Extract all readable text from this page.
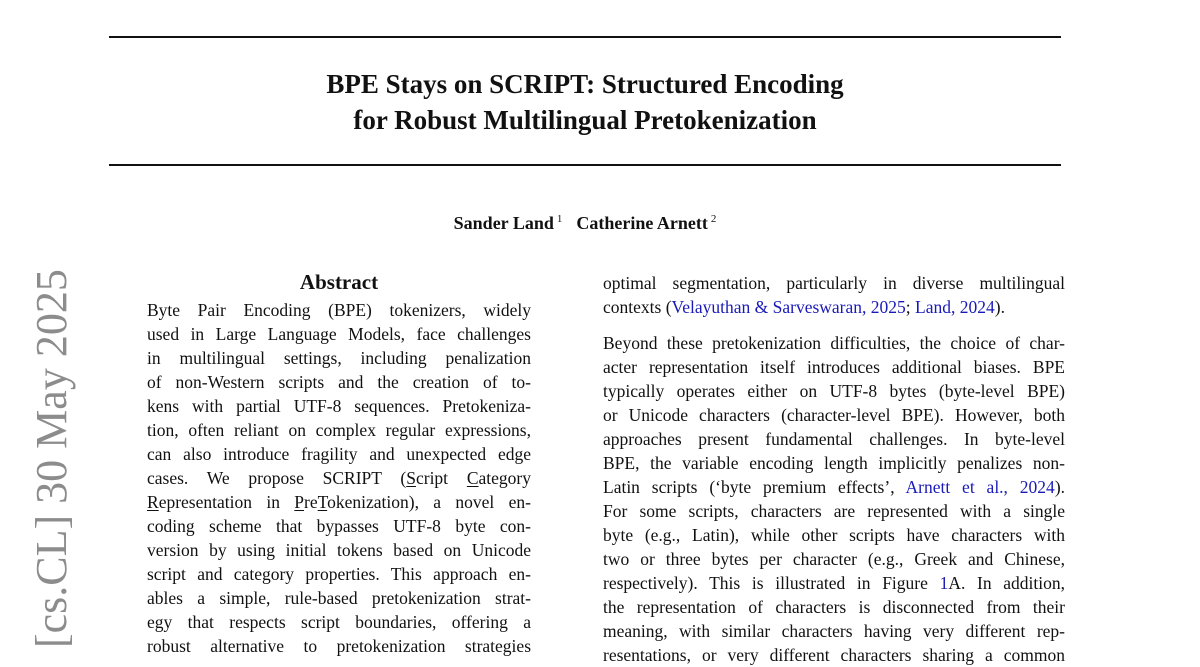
BPE Stays on SCRIPT: Structured Encoding
for Robust Multilingual Pretokenization
Sander Land $^1$ Catherine Arnett $^2$
[cs.CL] 30 May 2025	Abstract
Byte Pair Encoding (BPE) tokenizers, widely
used in Large Language Models, face challenges
in multilingual settings, including penalization
of non-Western scripts and the creation of to-
kens with partial UTF-8 sequences. Pretokeniza-
tion, often reliant on complex regular expressions,
can also introduce fragility and unexpected edge
cases. We propose SCRIPT (Script Category
Representation in PreTokenization), a novel en-
coding scheme that bypasses UTF-8 byte con-
version by using initial tokens based on Unicode
script and category properties. This approach en-
ables a simple, rule-based pretokenization strat-
egy that respects script boundaries, offering a
robust alternative to pretokenization strategies
optimal segmentation, particularly in diverse multilingual
contexts (Velayuthan & Sarveswaran, 2025; Land, 2024).
Beyond these pretokenization difficulties, the choice of char-
acter representation itself introduces additional biases. BPE
typically operates either on UTF-8 bytes (byte-level BPE)
or Unicode characters (character-level BPE). However, both
approaches present fundamental challenges. In byte-level
BPE, the variable encoding length implicitly penalizes non-
Latin scripts (‘byte premium effects’, Arnett et al., 2024).
For some scripts, characters are represented with a single
byte (e.g., Latin), while other scripts have characters with
two or three bytes per character (e.g., Greek and Chinese,
respectively). This is illustrated in Figure 1A. In addition,
the representation of characters is disconnected from their
meaning, with similar characters having very different rep-
resentations, or very different characters sharing a common
